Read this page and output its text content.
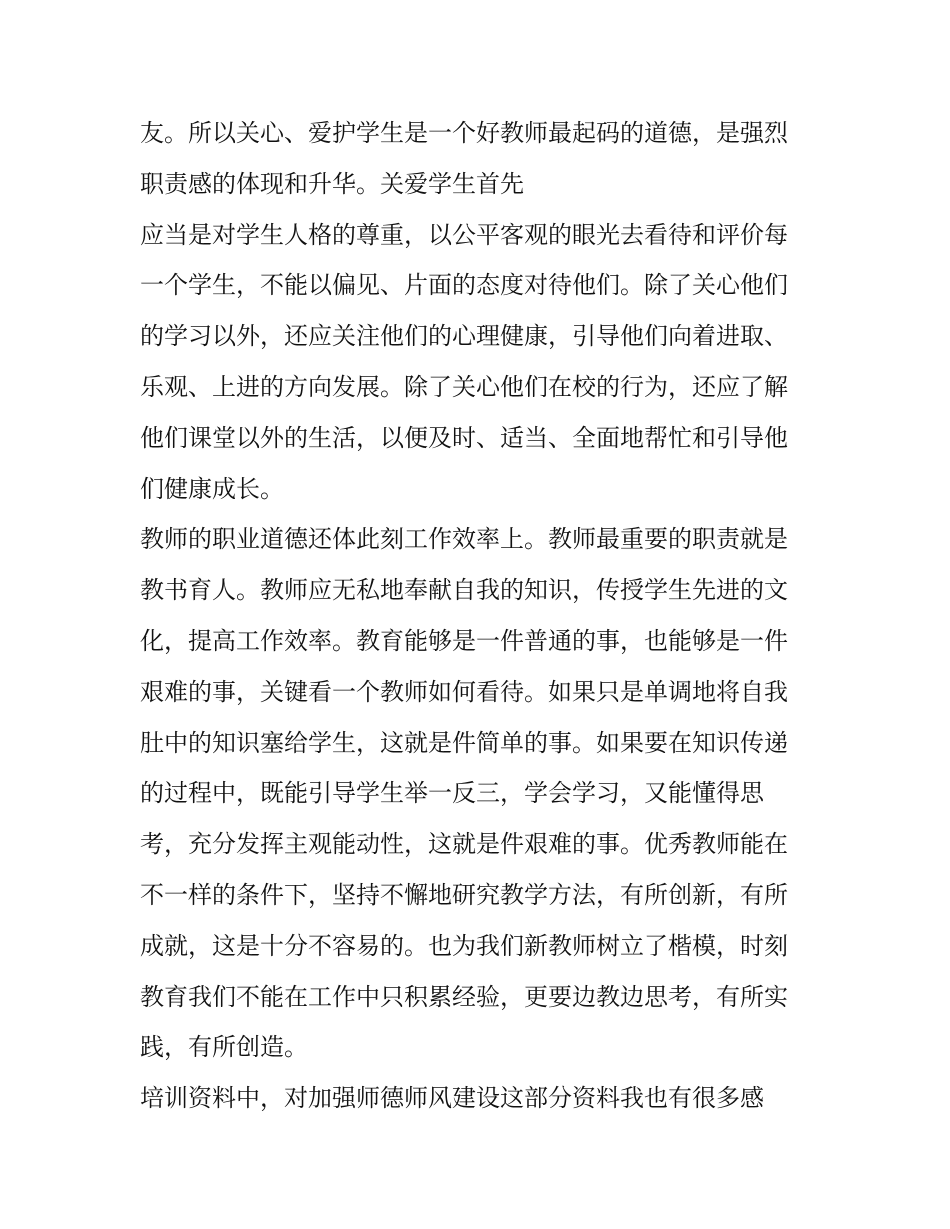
友。所以关心、爱护学生是一个好教师最起码的道德，是强烈
职责感的体现和升华。关爱学生首先
应当是对学生人格的尊重，以公平客观的眼光去看待和评价每
一个学生，不能以偏见、片面的态度对待他们。除了关心他们
的学习以外，还应关注他们的心理健康，引导他们向着进取、
乐观、上进的方向发展。除了关心他们在校的行为，还应了解
他们课堂以外的生活，以便及时、适当、全面地帮忙和引导他
们健康成长。
教师的职业道德还体此刻工作效率上。教师最重要的职责就是
教书育人。教师应无私地奉献自我的知识，传授学生先进的文
化，提高工作效率。教育能够是一件普通的事，也能够是一件
艰难的事，关键看一个教师如何看待。如果只是单调地将自我
肚中的知识塞给学生，这就是件简单的事。如果要在知识传递
的过程中，既能引导学生举一反三，学会学习，又能懂得思
考，充分发挥主观能动性，这就是件艰难的事。优秀教师能在
不一样的条件下，坚持不懈地研究教学方法，有所创新，有所
成就，这是十分不容易的。也为我们新教师树立了楷模，时刻
教育我们不能在工作中只积累经验，更要边教边思考，有所实
践，有所创造。
培训资料中，对加强师德师风建设这部分资料我也有很多感
